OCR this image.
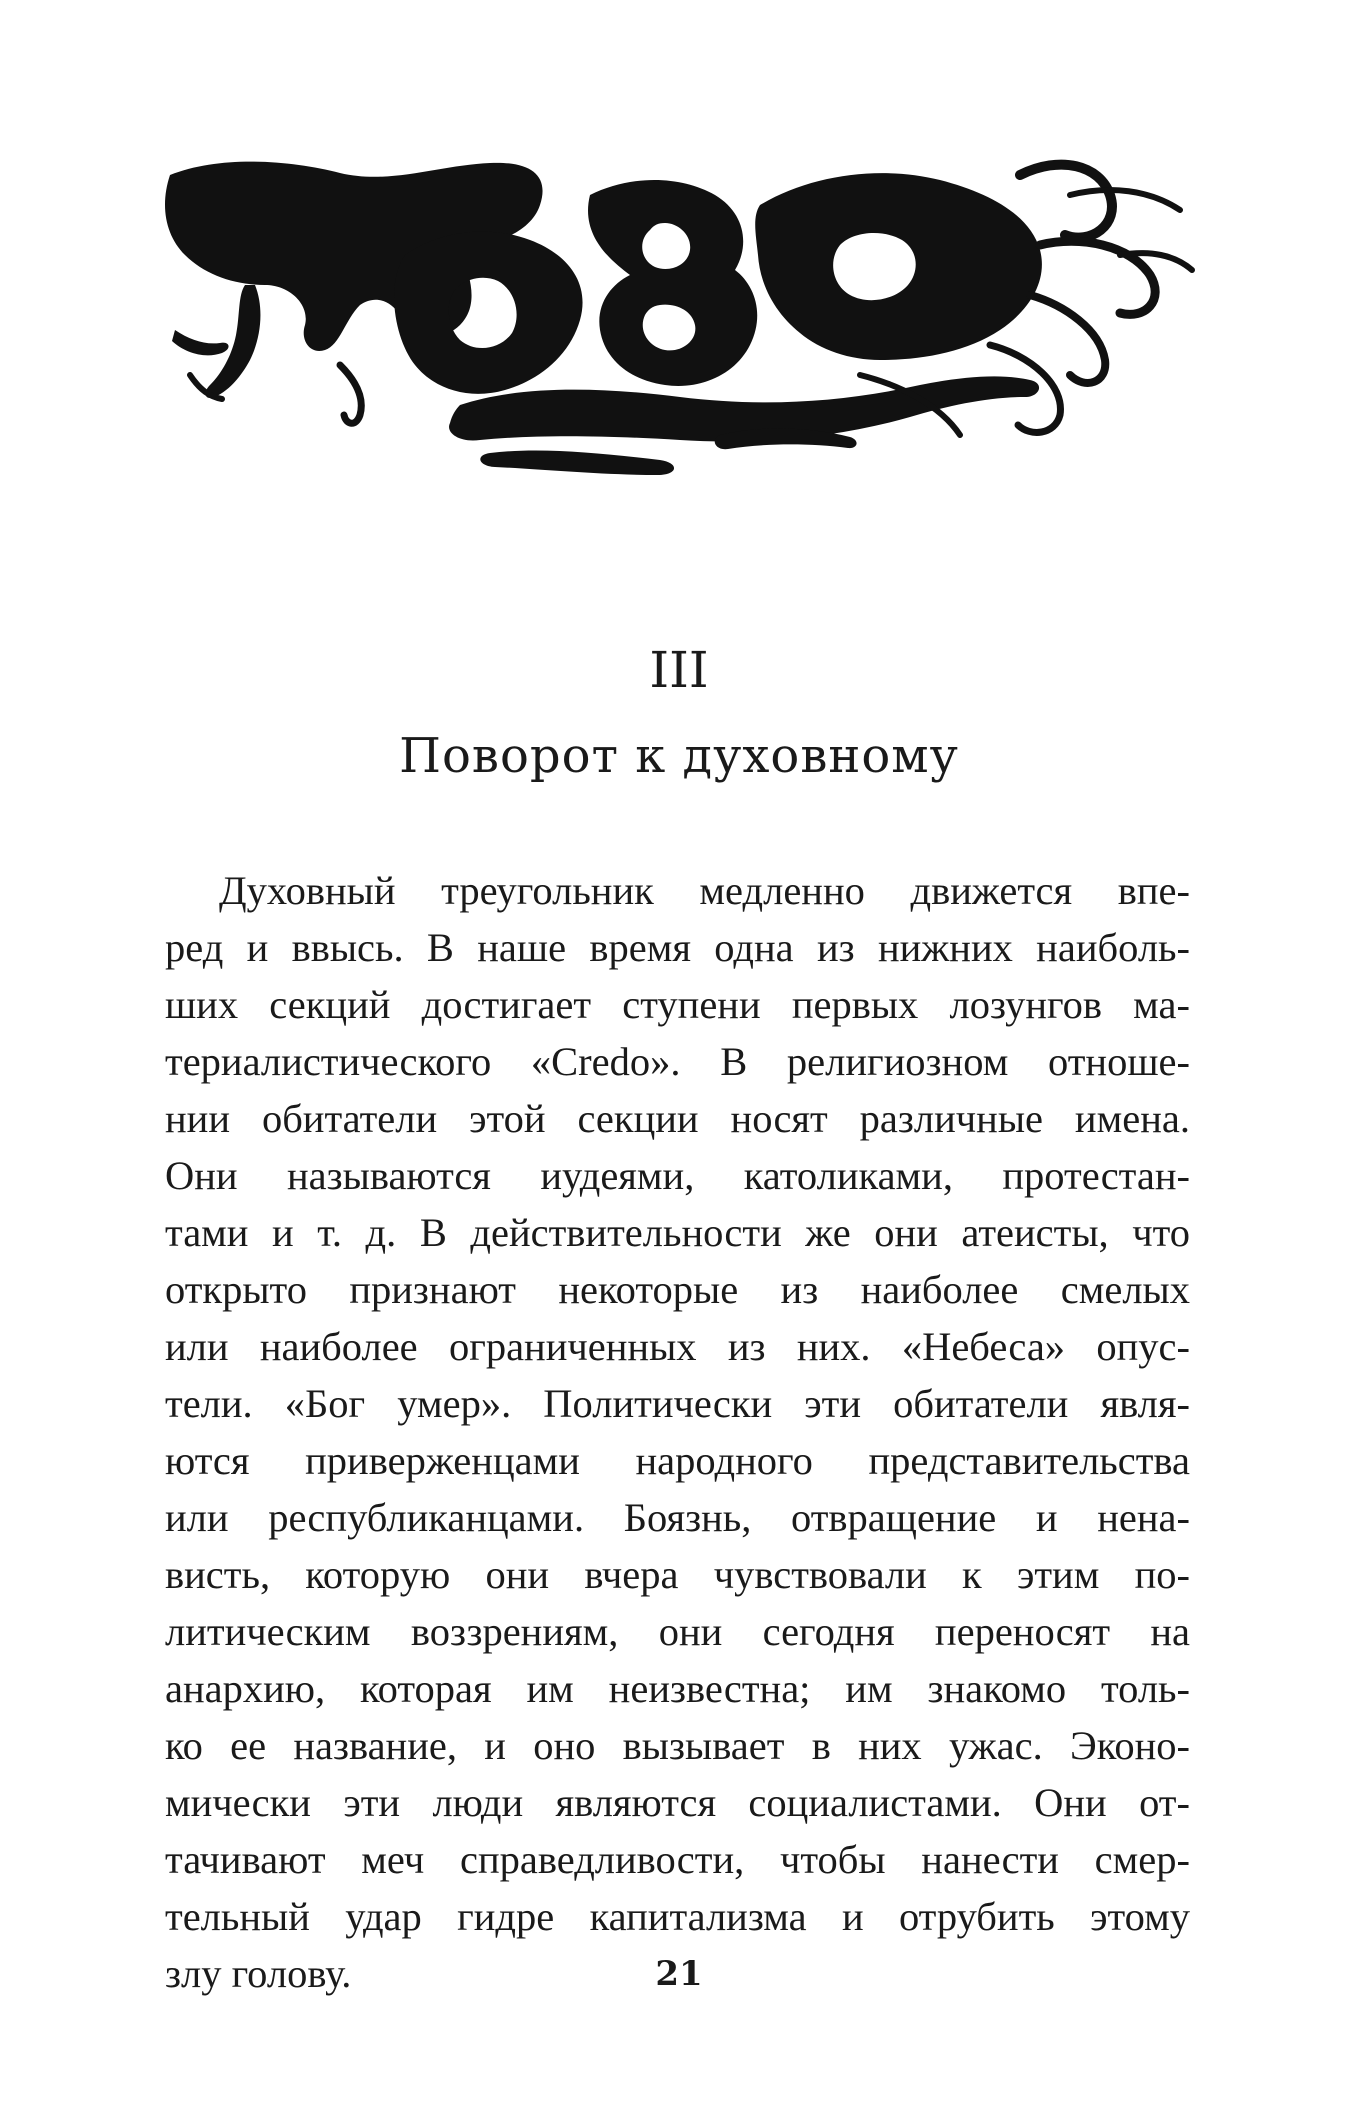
III
Поворот к духовному
Духовный треугольник медленно движется впе-
ред и ввысь. В наше время одна из нижних наиболь-
ших секций достигает ступени первых лозунгов ма-
териалистического «Credo». В религиозном отноше-
нии обитатели этой секции носят различные имена.
Они называются иудеями, католиками, протестан-
тами и т. д. В действительности же они атеисты, что
открыто признают некоторые из наиболее смелых
или наиболее ограниченных из них. «Небеса» опус-
тели. «Бог умер». Политически эти обитатели явля-
ются приверженцами народного представительства
или республиканцами. Боязнь, отвращение и нена-
висть, которую они вчера чувствовали к этим по-
литическим воззрениям, они сегодня переносят на
анархию, которая им неизвестна; им знакомо толь-
ко ее название, и оно вызывает в них ужас. Эконо-
мически эти люди являются социалистами. Они от-
тачивают меч справедливости, чтобы нанести смер-
тельный удар гидре капитализма и отрубить этому
злу голову.	21
